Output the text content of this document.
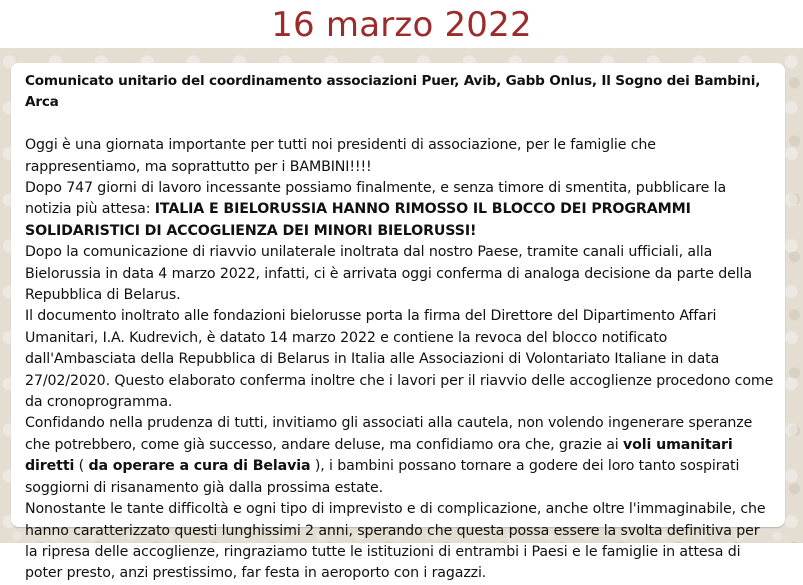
16 marzo 2022

Comunicato unitario del coordinamento associazioni Puer, Avib, Gabb Onlus, Il Sogno dei Bambini, Arca

Oggi è una giornata importante per tutti noi presidenti di associazione, per le famiglie che rappresentiamo, ma soprattutto per i BAMBINI!!!!

Dopo 747 giorni di lavoro incessante possiamo finalmente, e senza timore di smentita, pubblicare la notizia più attesa: ITALIA E BIELORUSSIA HANNO RIMOSSO IL BLOCCO DEI PROGRAMMI SOLIDARISTICI DI ACCOGLIENZA DEI MINORI BIELORUSSI!

Dopo la comunicazione di riavvio unilaterale inoltrata dal nostro Paese, tramite canali ufficiali, alla Bielorussia in data 4 marzo 2022, infatti, ci è arrivata oggi conferma di analoga decisione da parte della Repubblica di Belarus.

Il documento inoltrato alle fondazioni bielorusse porta la firma del Direttore del Dipartimento Affari Umanitari, I.A. Kudrevich, è datato 14 marzo 2022 e contiene la revoca del blocco notificato dall'Ambasciata della Repubblica di Belarus in Italia alle Associazioni di Volontariato Italiane in data 27/02/2020. Questo elaborato conferma inoltre che i lavori per il riavvio delle accoglienze procedono come da cronoprogramma.

Confidando nella prudenza di tutti, invitiamo gli associati alla cautela, non volendo ingenerare speranze che potrebbero, come già successo, andare deluse, ma confidiamo ora che, grazie ai voli umanitari diretti ( da operare a cura di Belavia ), i bambini possano tornare a godere dei loro tanto sospirati soggiorni di risanamento già dalla prossima estate.

Nonostante le tante difficoltà e ogni tipo di imprevisto e di complicazione, anche oltre l'immaginabile, che hanno caratterizzato questi lunghissimi 2 anni, sperando che questa possa essere la svolta definitiva per la ripresa delle accoglienze, ringraziamo tutte le istituzioni di entrambi i Paesi e le famiglie in attesa di poter presto, anzi prestissimo, far festa in aeroporto con i ragazzi.
